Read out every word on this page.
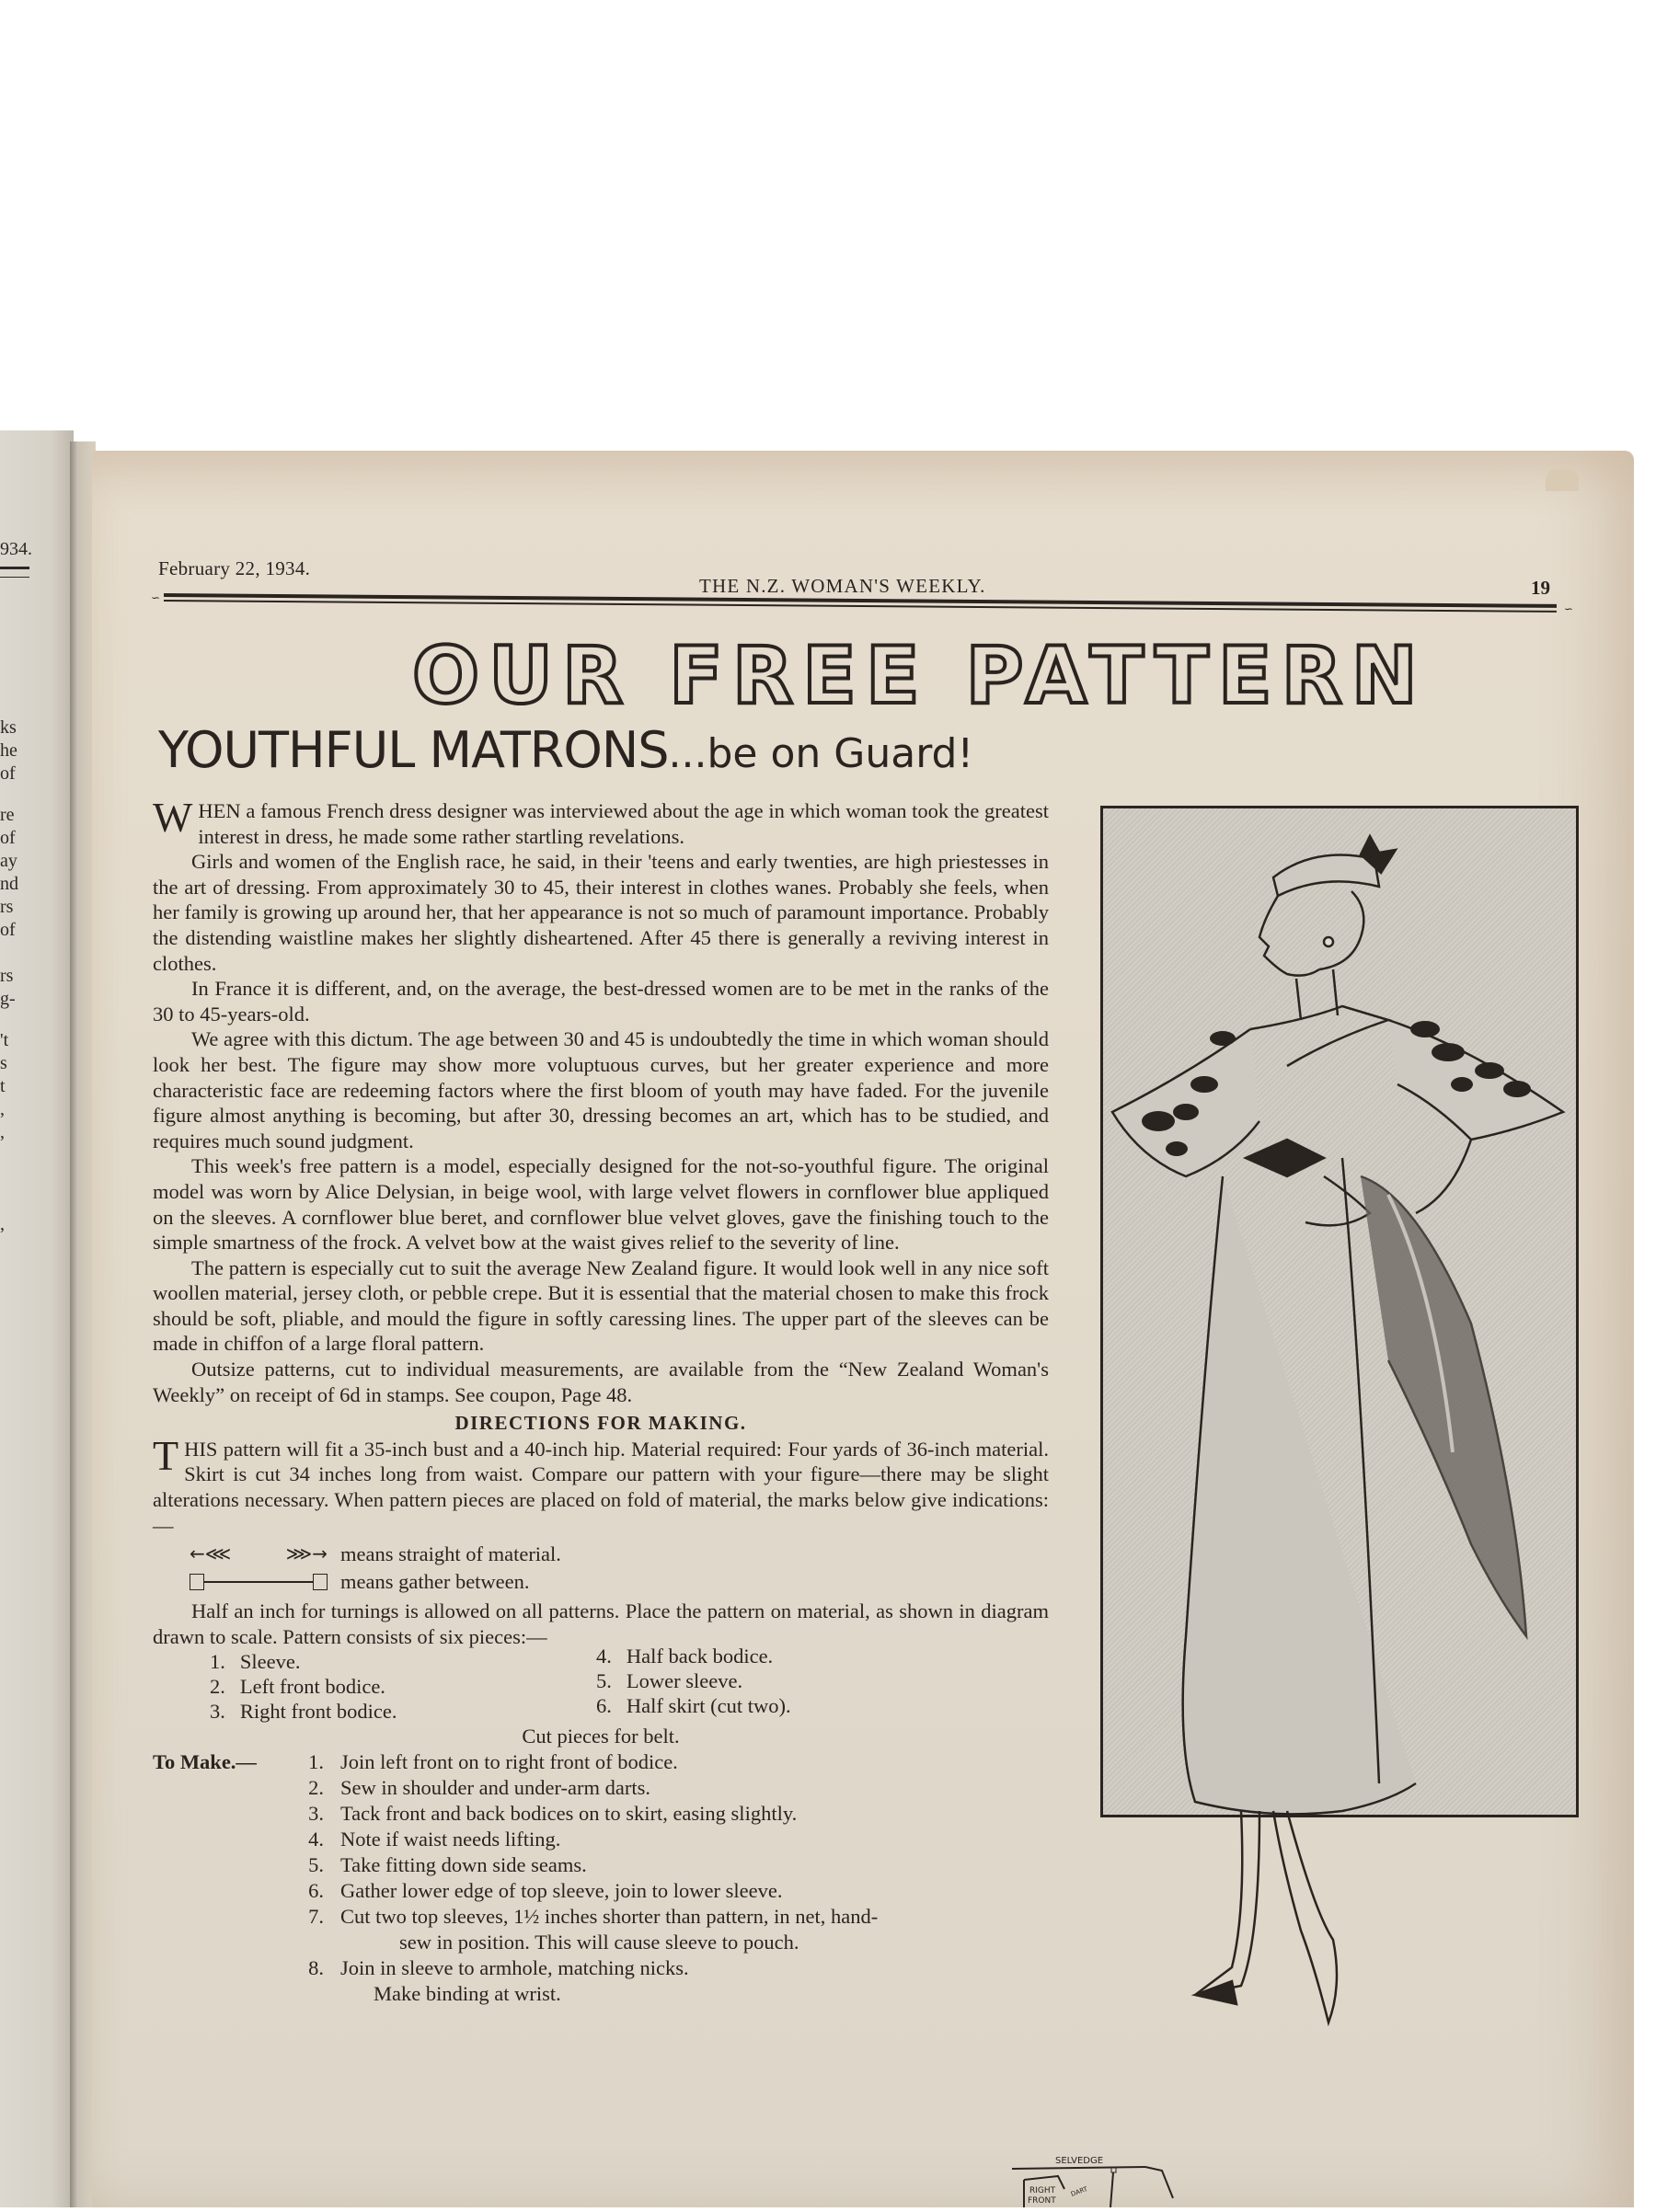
934.
ks
he
of
re
of
ay
nd
rs
of
rs
g-
't
s
t
,
,
,
February 22, 1934.
THE N.Z. WOMAN'S WEEKLY.	19
∽
∽
OUR FREE PATTERN
YOUTHFUL MATRONS...be on Guard!

WHEN a famous French dress designer was interviewed about the age in which woman took the greatest interest in dress, he made some rather startling revelations.

Girls and women of the English race, he said, in their 'teens and early twenties, are high priestesses in the art of dressing. From approximately 30 to 45, their interest in clothes wanes. Probably she feels, when her family is growing up around her, that her appearance is not so much of paramount importance. Probably the distending waistline makes her slightly disheartened. After 45 there is generally a reviving interest in clothes.

In France it is different, and, on the average, the best-dressed women are to be met in the ranks of the 30 to 45-years-old.

We agree with this dictum. The age between 30 and 45 is undoubtedly the time in which woman should look her best. The figure may show more voluptuous curves, but her greater experience and more characteristic face are redeeming factors where the first bloom of youth may have faded. For the juvenile figure almost anything is becoming, but after 30, dressing becomes an art, which has to be studied, and requires much sound judgment.

This week's free pattern is a model, especially designed for the not-so-youthful figure. The original model was worn by Alice Delysian, in beige wool, with large velvet flowers in cornflower blue appliqued on the sleeves. A cornflower blue beret, and cornflower blue velvet gloves, gave the finishing touch to the simple smartness of the frock. A velvet bow at the waist gives relief to the severity of line.

The pattern is especially cut to suit the average New Zealand figure. It would look well in any nice soft woollen material, jersey cloth, or pebble crepe. But it is essential that the material chosen to make this frock should be soft, pliable, and mould the figure in softly caressing lines. The upper part of the sleeves can be made in chiffon of a large floral pattern.

Outsize patterns, cut to individual measurements, are available from the “New Zealand Woman's Weekly” on receipt of 6d in stamps. See coupon, Page 48.

DIRECTIONS FOR MAKING.

THIS pattern will fit a 35-inch bust and a 40-inch hip. Material required: Four yards of 36-inch material. Skirt is cut 34 inches long from waist. Compare our pattern with your figure—there may be slight alterations necessary. When pattern pieces are placed on fold of material, the marks below give indications:—

←⋘	⋙→ means straight of material.
means gather between.

Half an inch for turnings is allowed on all patterns. Place the pattern on material, as shown in diagram drawn to scale. Pattern consists of six pieces:—

1. Sleeve.
2. Left front bodice.
3. Right front bodice.
4. Half back bodice.
5. Lower sleeve.
6. Half skirt (cut two).
Cut pieces for belt.
To Make.—	1. Join left front on to right front of bodice.
2. Sew in shoulder and under-arm darts.
3. Tack front and back bodices on to skirt, easing slightly.
4. Note if waist needs lifting.
5. Take fitting down side seams.
6. Gather lower edge of top sleeve, join to lower sleeve.
7. Cut two top sleeves, 1½ inches shorter than pattern, in net, hand-
sew in position. This will cause sleeve to pouch.
8. Join in sleeve to armhole, matching nicks.
Make binding at wrist.
SELVEDGE
RIGHT
FRONT
DART
